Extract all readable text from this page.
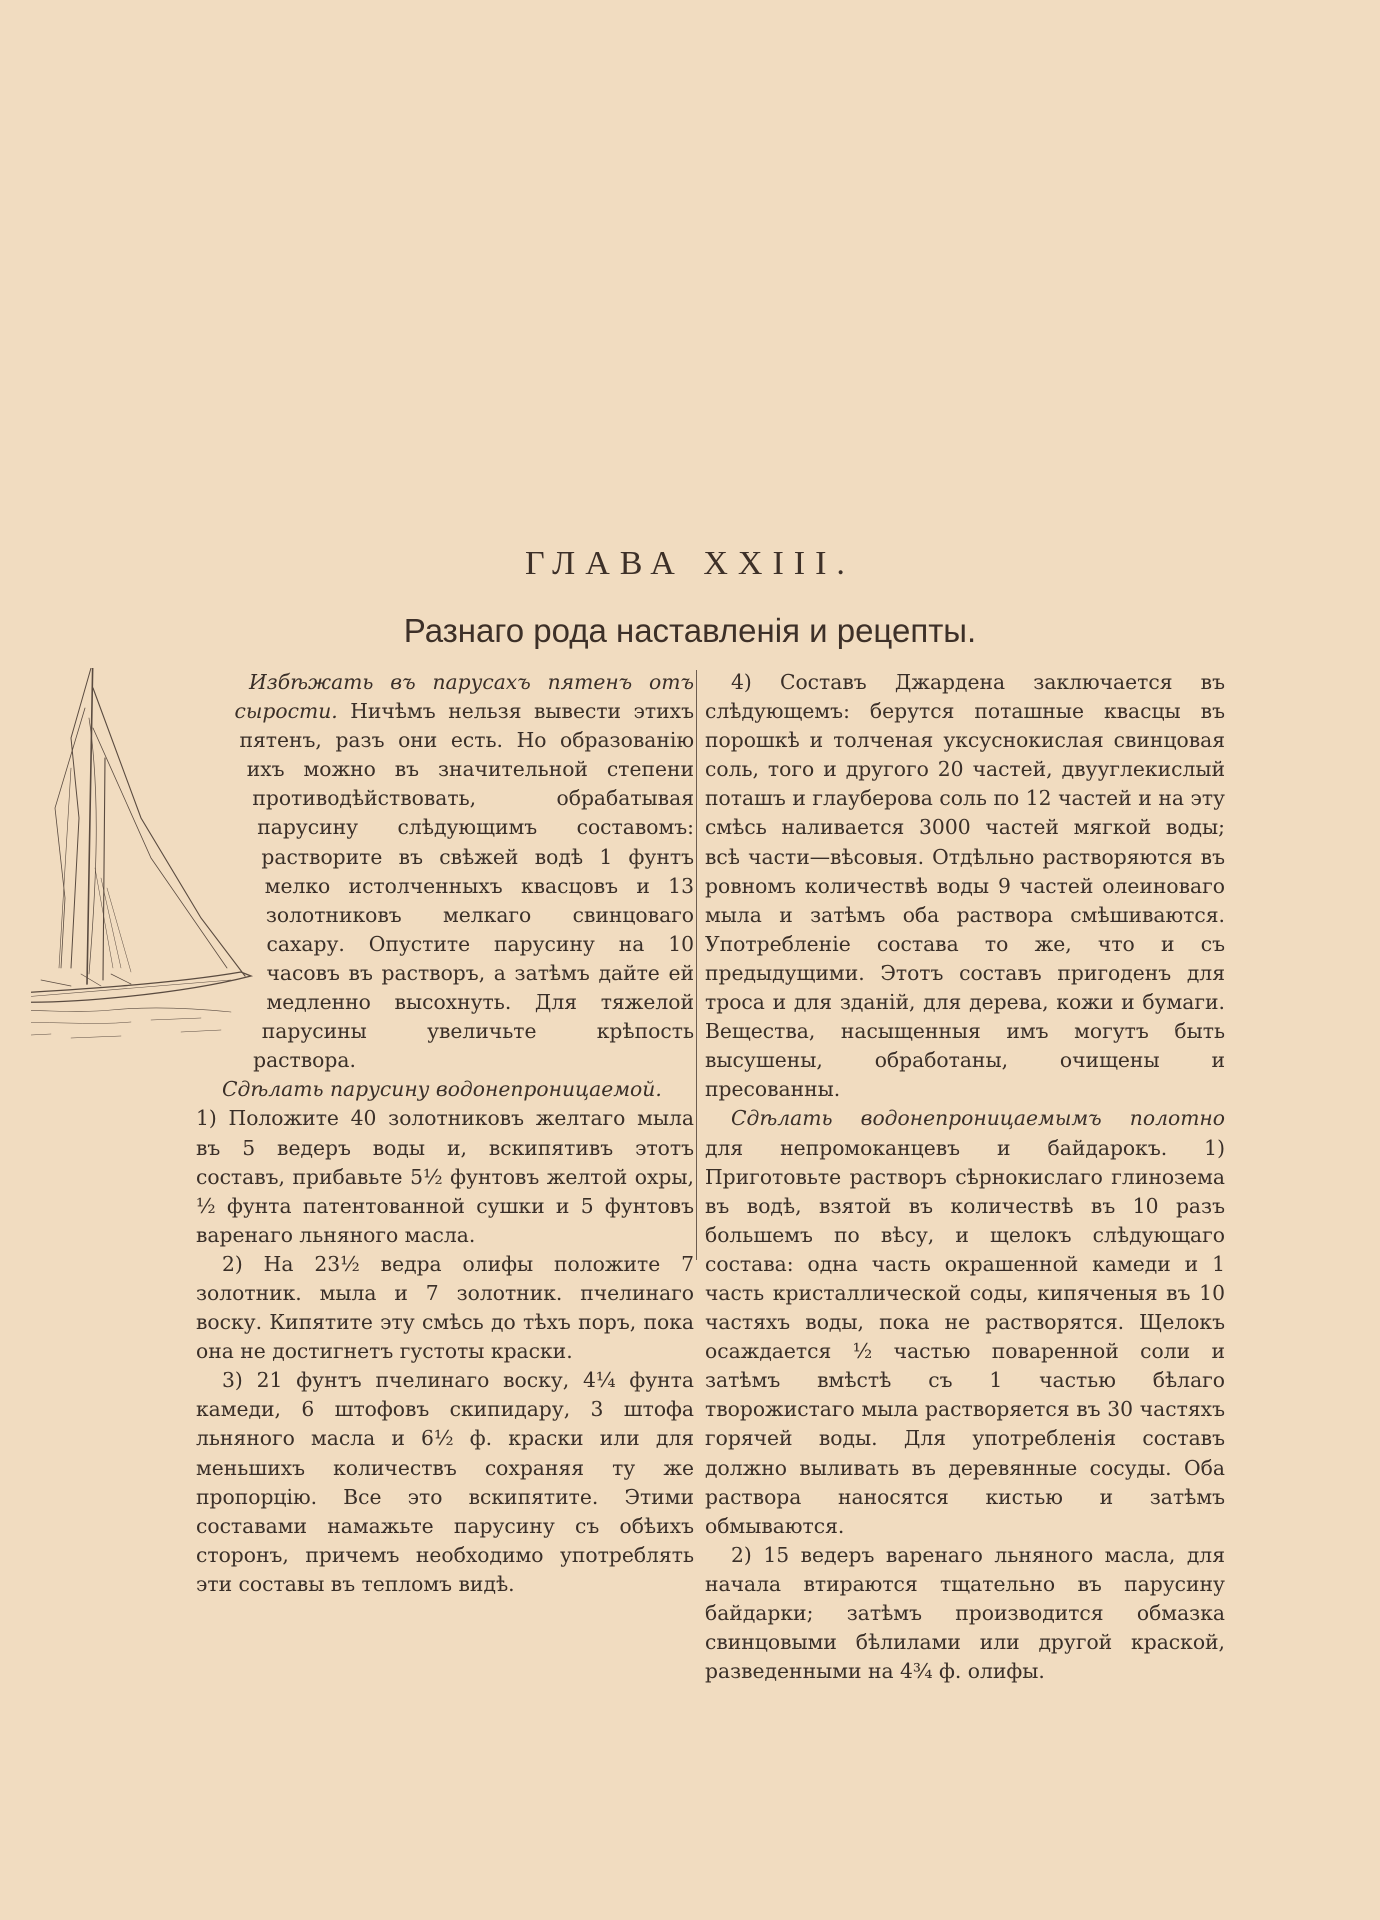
ГЛАВА XXIII.
Разнаго рода наставленія и рецепты.

Избѣжать въ парусахъ пятенъ отъ сырости. Ничѣмъ нельзя вывести этихъ пятенъ, разъ они есть. Но образованію ихъ можно въ значительной степени противодѣйствовать, обрабатывая парусину слѣдующимъ составомъ: растворите въ свѣжей водѣ 1 фунтъ мелко истолченныхъ квасцовъ и 13 золотниковъ мелкаго свинцоваго сахару. Опустите парусину на 10 часовъ въ растворъ, а затѣмъ дайте ей медленно высохнуть. Для тяжелой парусины увеличьте крѣпость раствора.

Сдѣлать парусину водонепроницаемой.

1) Положите 40 золотниковъ желтаго мыла въ 5 ведеръ воды и, вскипятивъ этотъ составъ, прибавьте 5½ фунтовъ желтой охры, ½ фунта патентованной сушки и 5 фунтовъ варенаго льняного масла.

2) На 23½ ведра олифы положите 7 золотник. мыла и 7 золотник. пчелинаго воску. Кипятите эту смѣсь до тѣхъ поръ, пока она не достигнетъ густоты краски.

3) 21 фунтъ пчелинаго воску, 4¼ фунта камеди, 6 штофовъ скипидару, 3 штофа льняного масла и 6½ ф. краски или для меньшихъ количествъ сохраняя ту же пропорцію. Все это вскипятите. Этими составами намажьте парусину съ обѣихъ сторонъ, причемъ необходимо употреблять эти составы въ тепломъ видѣ.

4) Составъ Джардена заключается въ слѣдующемъ: берутся поташные квасцы въ порошкѣ и толченая уксуснокислая свинцовая соль, того и другого 20 частей, двууглекислый поташъ и глауберова соль по 12 частей и на эту смѣсь наливается 3000 частей мягкой воды; всѣ части—вѣсовыя. Отдѣльно растворяются въ ровномъ количествѣ воды 9 частей олеиноваго мыла и затѣмъ оба раствора смѣшиваются. Употребленіе состава то же, что и съ предыдущими. Этотъ составъ пригоденъ для троса и для зданій, для дерева, кожи и бумаги. Вещества, насыщенныя имъ могутъ быть высушены, обработаны, очищены и пресованны.

Сдѣлать водонепроницаемымъ полотно для непромоканцевъ и байдарокъ. 1) Приготовьте растворъ сѣрнокислаго глинозема въ водѣ, взятой въ количествѣ въ 10 разъ большемъ по вѣсу, и щелокъ слѣдующаго состава: одна часть окрашенной камеди и 1 часть кристаллической соды, кипяченыя въ 10 частяхъ воды, пока не растворятся. Щелокъ осаждается ½ частью поваренной соли и затѣмъ вмѣстѣ съ 1 частью бѣлаго творожистаго мыла растворяется въ 30 частяхъ горячей воды. Для употребленія составъ должно выливать въ деревянные сосуды. Оба раствора наносятся кистью и затѣмъ обмываются.

2) 15 ведеръ варенаго льняного масла, для начала втираются тщательно въ парусину байдарки; затѣмъ производится обмазка свинцовыми бѣлилами или другой краской, разведенными на 4¾ ф. олифы.
